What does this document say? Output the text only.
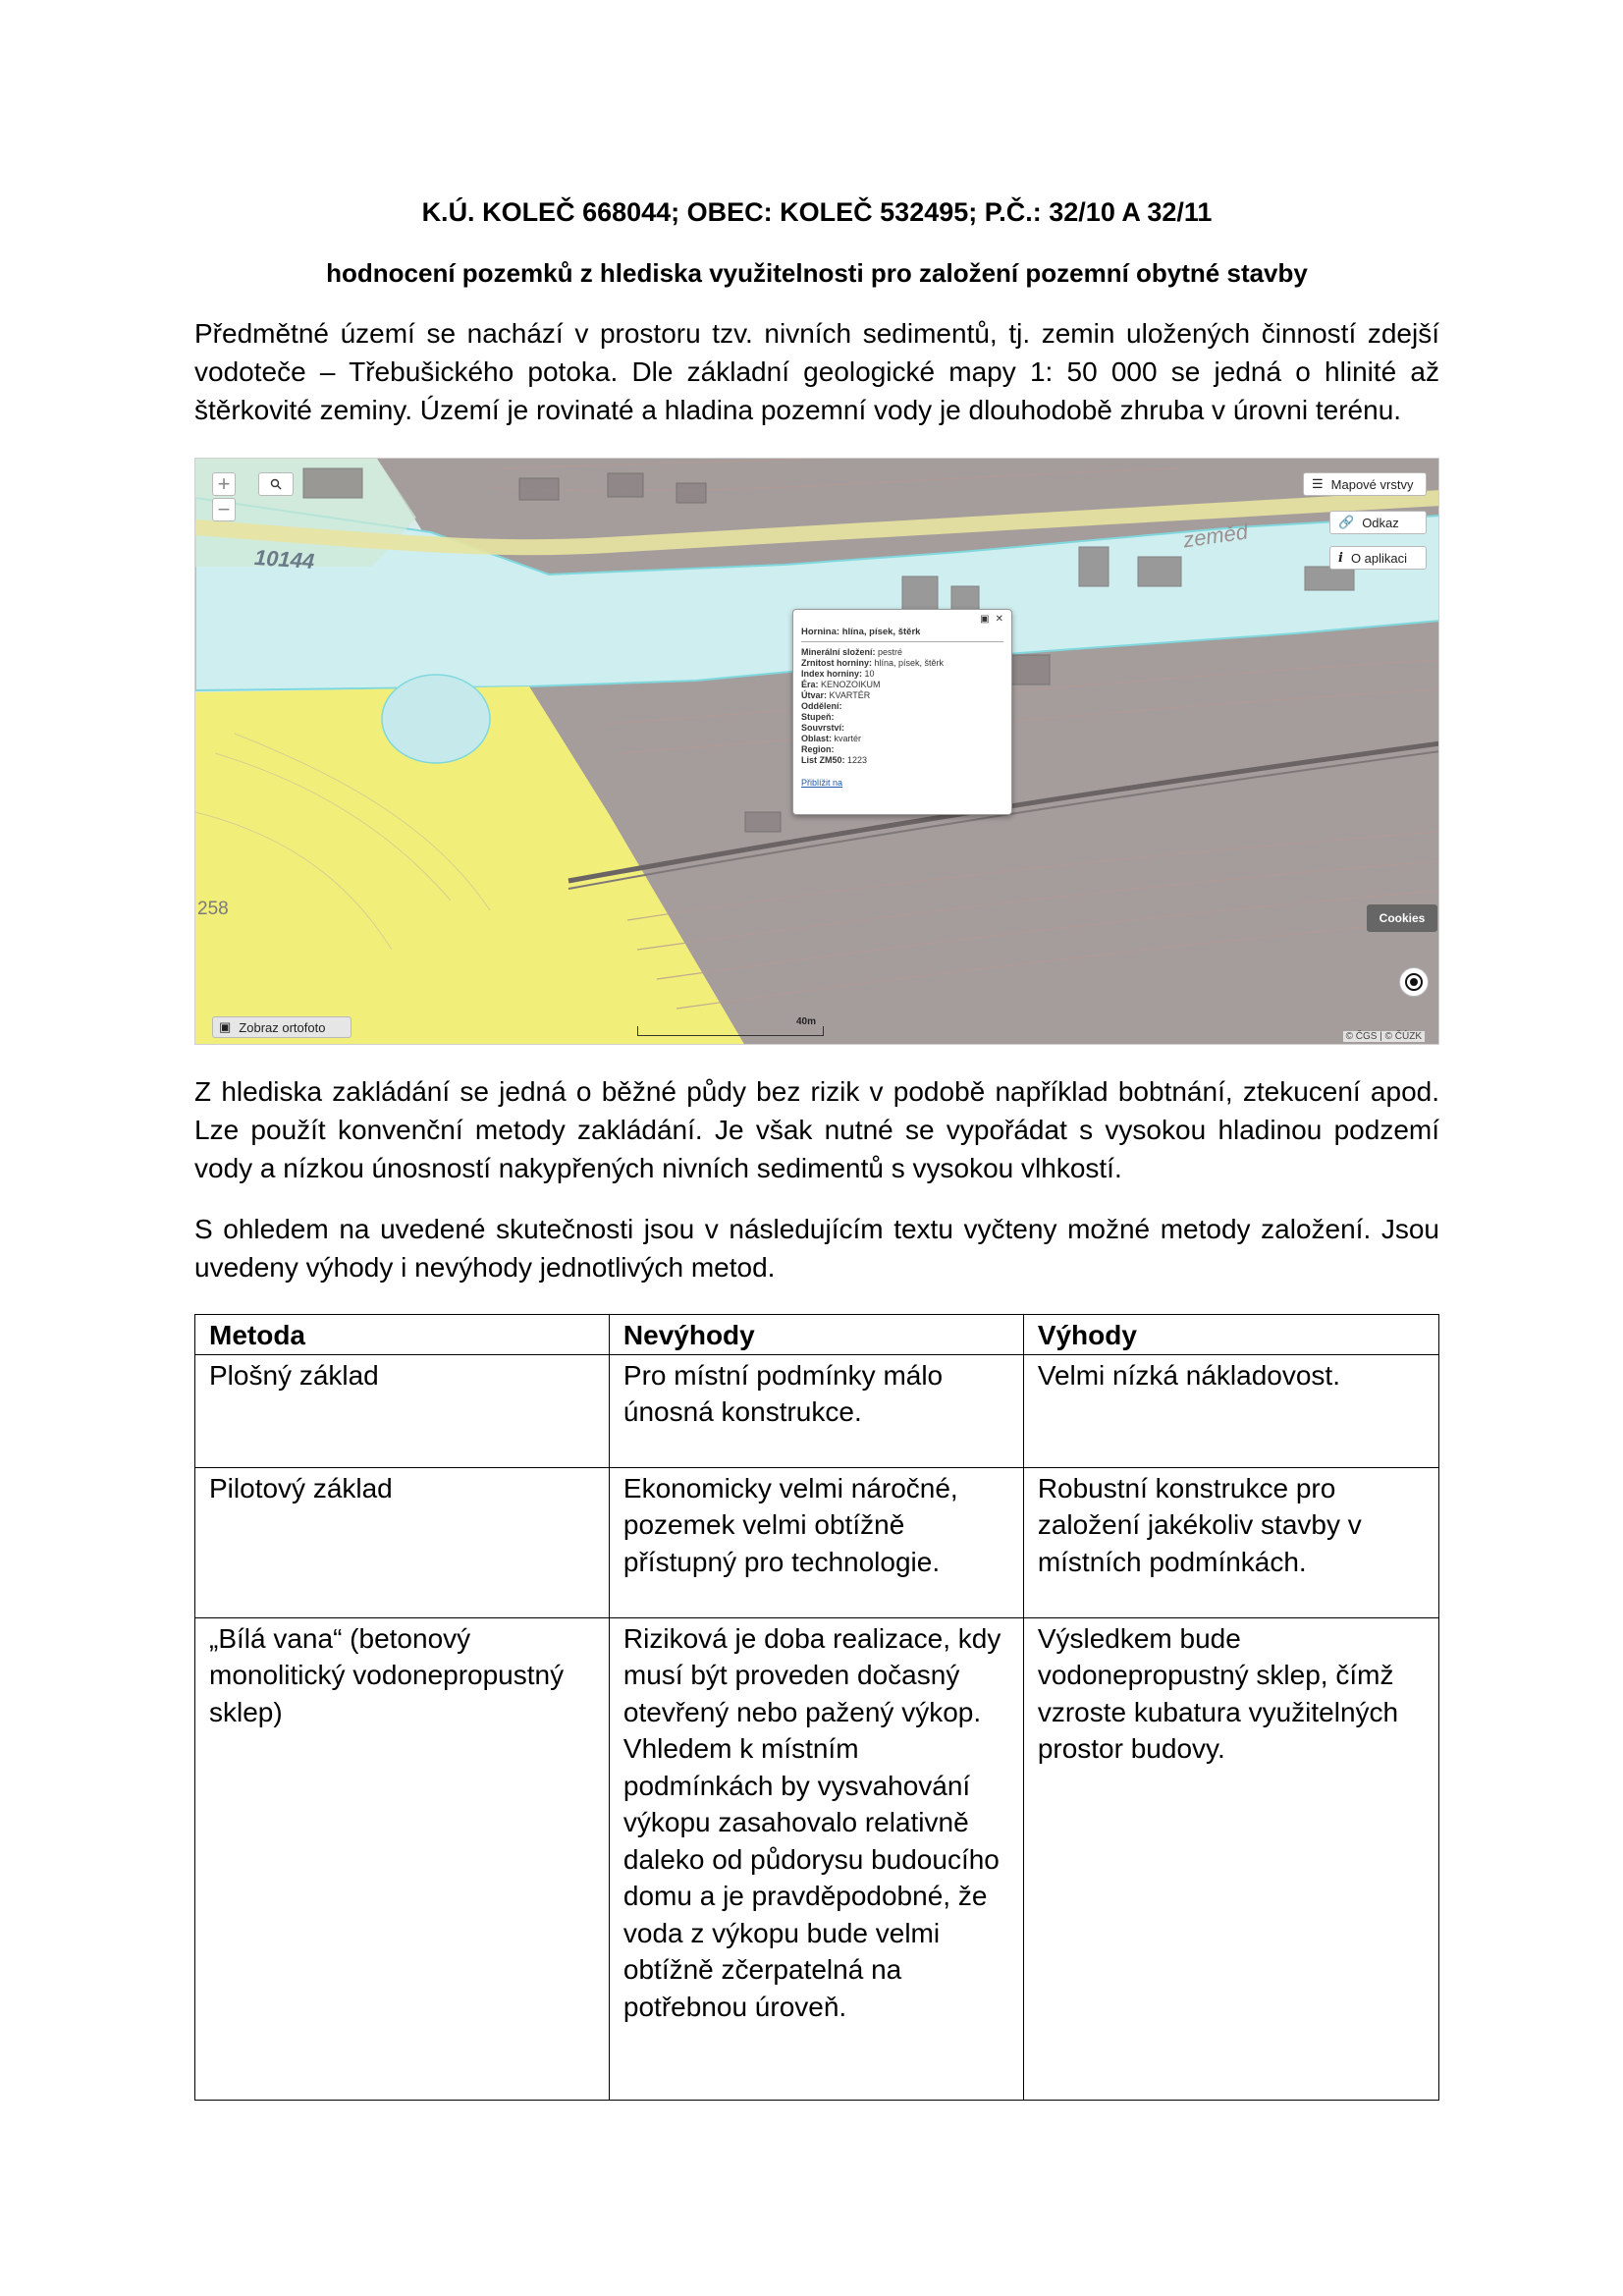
K.Ú. KOLEČ 668044; OBEC: KOLEČ 532495; P.Č.: 32/10 A 32/11
hodnocení pozemků z hlediska využitelnosti pro založení pozemní obytné stavby

Předmětné území se nachází v prostoru tzv. nivních sedimentů, tj. zemin uložených činností zdejší vodoteče – Třebušického potoka. Dle základní geologické mapy 1: 50 000 se jedná o hlinité až štěrkovité zeminy. Území je rovinaté a hladina pozemní vody je dlouhodobě zhruba v úrovni terénu.

10144
258
zeměd
+
−
☰ Mapové vrstvy
🔗 Odkaz
i O aplikaci
Cookies
▣ Zobraz ortofoto	40m
© ČGS | © ČÚZK
▣ ✕
Hornina: hlína, písek, štěrk
Minerální složení: pestré
Zrnitost horniny: hlína, písek, štěrk
Index horniny: 10
Éra: KENOZOIKUM
Útvar: KVARTÉR
Oddělení:
Stupeň:
Souvrství:
Oblast: kvartér
Region:
List ZM50: 1223
Přiblížit na

Z hlediska zakládání se jedná o běžné půdy bez rizik v podobě například bobtnání, ztekucení apod. Lze použít konvenční metody zakládání. Je však nutné se vypořádat s vysokou hladinou podzemí vody a nízkou únosností nakypřených nivních sedimentů s vysokou vlhkostí.

S ohledem na uvedené skutečnosti jsou v následujícím textu vyčteny možné metody založení. Jsou uvedeny výhody i nevýhody jednotlivých metod.

Metoda	Nevýhody	Výhody
Plošný základ	Pro místní podmínky málo únosná konstrukce.	Velmi nízká nákladovost.
Pilotový základ	Ekonomicky velmi náročné, pozemek velmi obtížně přístupný pro technologie.	Robustní konstrukce pro založení jakékoliv stavby v místních podmínkách.
„Bílá vana“ (betonový monolitický vodonepropustný sklep)	Riziková je doba realizace, kdy musí být proveden dočasný otevřený nebo pažený výkop. Vhledem k místním podmínkách by vysvahování výkopu zasahovalo relativně daleko od půdorysu budoucího domu a je pravděpodobné, že voda z výkopu bude velmi obtížně zčerpatelná na potřebnou úroveň.	Výsledkem bude vodonepropustný sklep, čímž vzroste kubatura využitelných prostor budovy.
